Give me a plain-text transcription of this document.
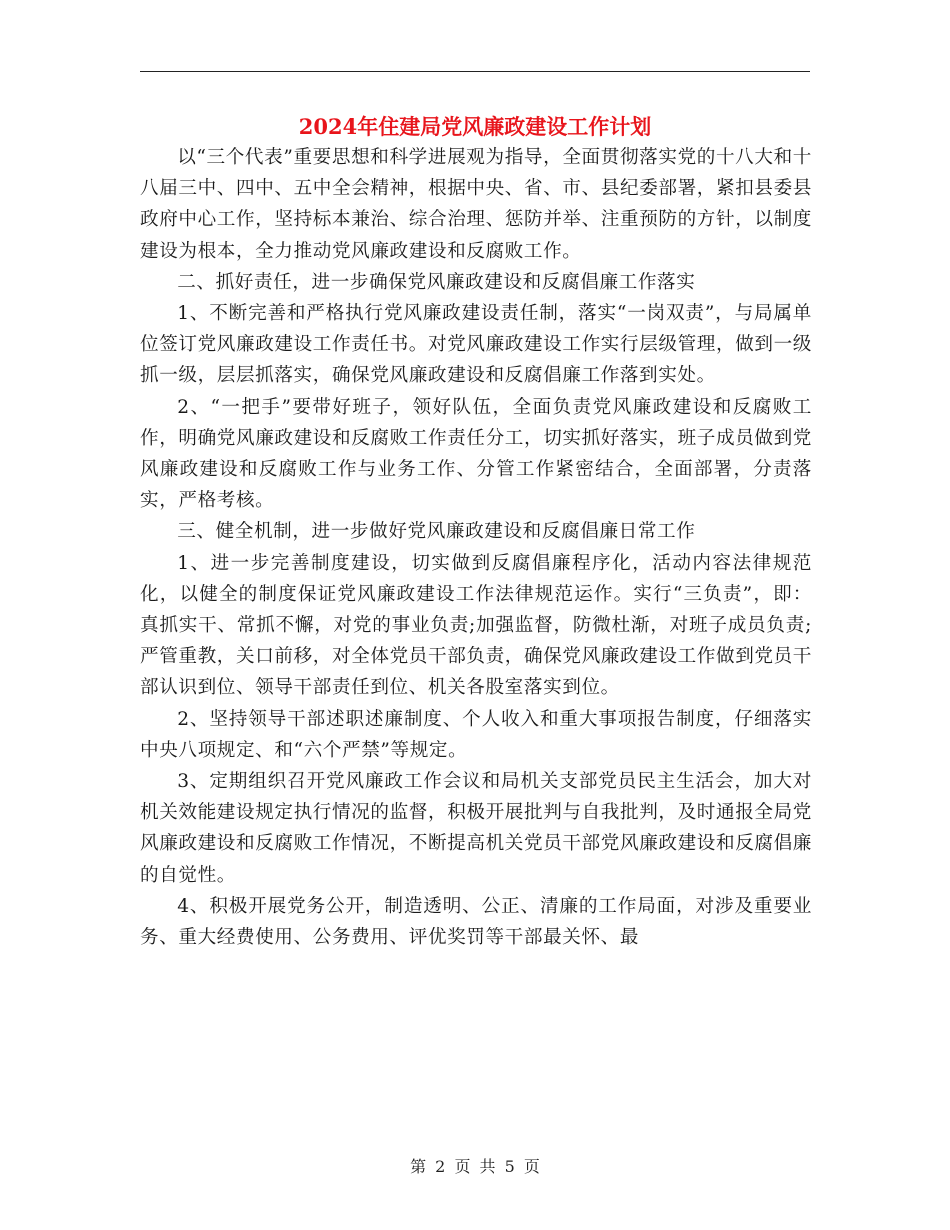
2024年住建局党风廉政建设工作计划

以“三个代表”重要思想和科学进展观为指导，全面贯彻落实党的十八大和十八届三中、四中、五中全会精神，根据中央、省、市、县纪委部署，紧扣县委县政府中心工作，坚持标本兼治、综合治理、惩防并举、注重预防的方针，以制度建设为根本，全力推动党风廉政建设和反腐败工作。

二、抓好责任，进一步确保党风廉政建设和反腐倡廉工作落实

1、不断完善和严格执行党风廉政建设责任制，落实“一岗双责”，与局属单位签订党风廉政建设工作责任书。对党风廉政建设工作实行层级管理，做到一级抓一级，层层抓落实，确保党风廉政建设和反腐倡廉工作落到实处。

2、“一把手”要带好班子，领好队伍，全面负责党风廉政建设和反腐败工作，明确党风廉政建设和反腐败工作责任分工，切实抓好落实，班子成员做到党风廉政建设和反腐败工作与业务工作、分管工作紧密结合，全面部署，分责落实，严格考核。

三、健全机制，进一步做好党风廉政建设和反腐倡廉日常工作

1、进一步完善制度建设，切实做到反腐倡廉程序化，活动内容法律规范化，以健全的制度保证党风廉政建设工作法律规范运作。实行“三负责”，即：真抓实干、常抓不懈，对党的事业负责;加强监督，防微杜渐，对班子成员负责;严管重教，关口前移，对全体党员干部负责，确保党风廉政建设工作做到党员干部认识到位、领导干部责任到位、机关各股室落实到位。

2、坚持领导干部述职述廉制度、个人收入和重大事项报告制度，仔细落实中央八项规定、和“六个严禁”等规定。

3、定期组织召开党风廉政工作会议和局机关支部党员民主生活会，加大对机关效能建设规定执行情况的监督，积极开展批判与自我批判，及时通报全局党风廉政建设和反腐败工作情况，不断提高机关党员干部党风廉政建设和反腐倡廉的自觉性。

4、积极开展党务公开，制造透明、公正、清廉的工作局面，对涉及重要业务、重大经费使用、公务费用、评优奖罚等干部最关怀、最

第 2 页 共 5 页
